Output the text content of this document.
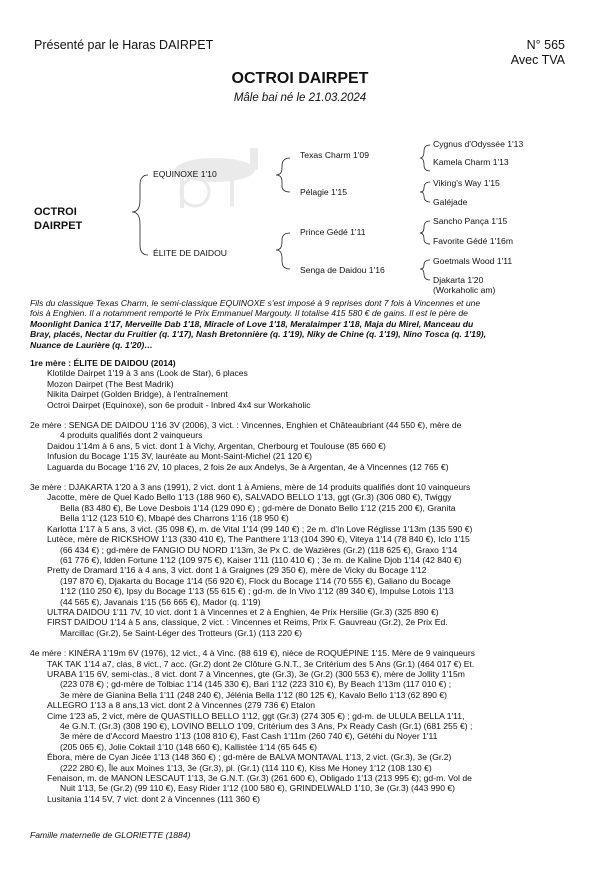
Présenté par le Haras DAIRPET	N° 565
Avec TVA
OCTROI DAIRPET
Mâle bai né le 21.03.2024
OCTROI
DAIRPET
EQUINOXE 1'10
ÉLITE DE DAIDOU
Texas Charm 1'09
Pélagie 1'15
Prince Gédé 1'11
Senga de Daidou 1'16
Cygnus d'Odyssée 1'13
Kamela Charm 1'13
Viking's Way 1'15
Galéjade
Sancho Pança 1'15
Favorite Gédé 1'16m
Goetmals Wood 1'11
Djakarta 1'20
(Workaholic am)
Fils du classique Texas Charm, le semi-classique EQUINOXE s'est imposé à 9 reprises dont 7 fois à Vincennes et une
fois à Enghien. Il a notamment remporté le Prix Emmanuel Margouty. Il totalise 415 580 € de gains. Il est le père de
Moonlight Danica 1'17, Merveille Dab 1'18, Miracle of Love 1'18, Meralaimper 1'18, Maja du Mirel, Manceau du
Bray, placés, Nectar du Fruitier (q. 1'17), Nash Bretonnière (q. 1'19), Niky de Chine (q. 1'19), Nino Tosca (q. 1'19),
Nuance de Laurière (q. 1'20)…
1re mère : ÉLITE DE DAIDOU (2014)
Klotilde Dairpet 1'19 à 3 ans (Look de Star), 6 places
Mozon Dairpet (The Best Madrik)
Nikita Dairpet (Golden Bridge), à l'entraînement
Octroi Dairpet (Equinoxe), son 6e produit - Inbred 4x4 sur Workaholic
2e mère : SENGA DE DAIDOU 1'16 3V (2006), 3 vict. : Vincennes, Enghien et Châteaubriant (44 550 €), mère de
4 produits qualifiés dont 2 vainqueurs
Daidou 1'14m à 6 ans, 5 vict. dont 1 à Vichy, Argentan, Cherbourg et Toulouse (85 660 €)
Infusion du Bocage 1'15 3V, lauréate au Mont-Saint-Michel (21 120 €)
Laguarda du Bocage 1'16 2V, 10 places, 2 fois 2e aux Andelys, 3e à Argentan, 4e à Vincennes (12 765 €)
3e mère : DJAKARTA 1'20 à 3 ans (1991), 2 vict. dont 1 à Amiens, mère de 14 produits qualifiés dont 10 vainqueurs
Jacotte, mère de Quel Kado Bello 1'13 (188 960 €), SALVADO BELLO 1'13, ggt (Gr.3) (306 080 €), Twiggy
Bella (83 480 €), Be Love Desbois 1'14 (129 090 €) ; gd-mère de Donato Bello 1'12 (215 200 €), Granita
Bella 1'12 (123 510 €), Mbapé des Charrons 1'16 (18 950 €)
Karlotta 1'17 à 5 ans, 3 vict. (35 098 €), m. de Vital 1'14 (99 140 €) ; 2e m. d'In Love Réglisse 1'13m (135 590 €)
Lutèce, mère de RICKSHOW 1'13 (330 410 €), The Panthere 1'13 (104 390 €), Viteya 1'14 (78 840 €), Iclo 1'15
(66 434 €) ; gd-mère de FANGIO DU NORD 1'13m, 3e Px C. de Wazières (Gr.2) (118 625 €), Graxo 1'14
(61 776 €), Idden Fortune 1'12 (109 975 €), Kaiser 1'11 (110 410 €) ; 3e m. de Kaline Djob 1'14 (42 840 €)
Pretty de Dramard 1'16 à 4 ans, 3 vict. dont 1 à Graignes (29 350 €), mère de Vicky du Bocage 1'12
(197 870 €), Djakarta du Bocage 1'14 (56 920 €), Flock du Bocage 1'14 (70 555 €), Galiano du Bocage
1'12 (110 250 €), Ipsy du Bocage 1'13 (55 615 €) ; gd-m. de In Vivo 1'12 (89 340 €), Impulse Lotois 1'13
(44 565 €), Javanais 1'15 (56 665 €), Mador (q. 1'19)
ULTRA DAIDOU 1'11 7V, 10 vict. dont 1 à Vincennes et 2 à Enghien, 4e Prix Hersilie (Gr.3) (325 890 €)
FIRST DAIDOU 1'14 à 5 ans, classique, 2 vict. : Vincennes et Reims, Prix F. Gauvreau (Gr.2), 2e Prix Ed.
Marcillac (Gr.2), 5e Saint-Léger des Trotteurs (Gr.1) (113 220 €)
4e mère : KINÉRA 1'19m 6V (1976), 12 vict., 4 à Vinc. (88 619 €), nièce de ROQUÉPINE 1'15. Mère de 9 vainqueurs
TAK TAK 1'14 a7, clas, 8 vict., 7 acc. (Gr.2) dont 2e Clôture G.N.T., 3e Critérium des 5 Ans (Gr.1) (464 017 €) Et.
URABA 1'15 6V, semi-clas., 8 vict. dont 7 à Vincennes, gte (Gr.3), 3e (Gr.2) (300 553 €), mère de Jollity 1'15m
(223 078 €) ; gd-mère de Tolbiac 1'14 (145 330 €), Bari 1'12 (223 310 €), By Beach 1'13m (117 010 €) ;
3e mère de Gianina Bella 1'11 (248 240 €), Jélénia Bella 1'12 (80 125 €), Kavalo Bello 1'13 (62 890 €)
ALLEGRO 1'13 a 8 ans,13 vict. dont 2 à Vincennes (279 736 €) Etalon
Cime 1'23 a5, 2 vict, mère de QUASTILLO BELLO 1'12, ggt (Gr.3) (274 305 €) ; gd-m. de ULULA BELLA 1'11,
4e G.N.T. (Gr.3) (308 190 €), LOVINO BELLO 1'09, Critérium des 3 Ans, Px Ready Cash (Gr.1) (681 255 €) ;
3e mère de d'Accord Maestro 1'13 (108 810 €), Fast Cash 1'11m (260 740 €), Gétéhi du Noyer 1'11
(205 065 €), Jolie Coktail 1'10 (148 660 €), Kallistée 1'14 (65 645 €)
Ébora, mère de Cyan Jicée 1'13 (148 360 €) ; gd-mère de BALVA MONTAVAL 1'13, 2 vict. (Gr.3), 3e (Gr.2)
(222 280 €), Île aux Moines 1'13, 3e (Gr.3), pl. (Gr.1) (114 110 €), Kiss Me Honey 1'12 (108 130 €)
Fenaison, m. de MANON LESCAUT 1'13, 3e G.N.T. (Gr.3) (261 600 €), Obligado 1'13 (213 995 €); gd-m. Vol de
Nuit 1'13, 5e (Gr.2) (99 110 €), Easy Rider 1'12 (100 580 €), GRINDELWALD 1'10, 3e (Gr.3) (443 990 €)
Lusitania 1'14 5V, 7 vict. dont 2 à Vincennes (111 360 €)
Famille maternelle de GLORIETTE (1884)
